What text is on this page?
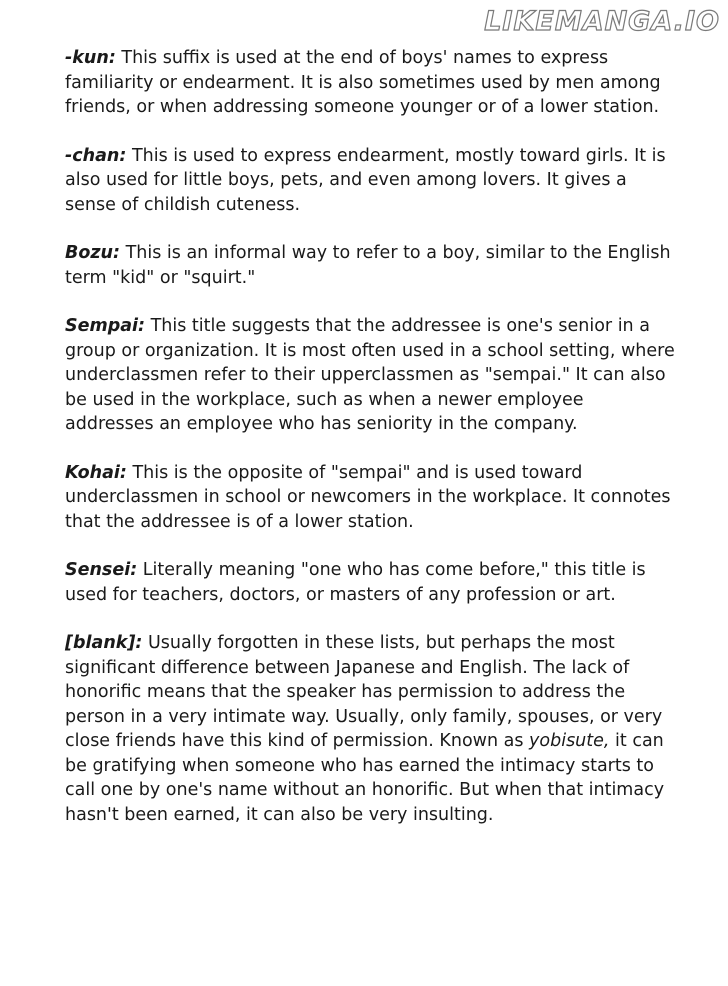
LIKEMANGA.IO

-kun: This suffix is used at the end of boys' names to express familiarity or endearment. It is also sometimes used by men among friends, or when addressing someone younger or of a lower station.

-chan: This is used to express endearment, mostly toward girls. It is also used for little boys, pets, and even among lovers. It gives a sense of childish cuteness.

Bozu: This is an informal way to refer to a boy, similar to the English term "kid" or "squirt."

Sempai: This title suggests that the addressee is one's senior in a group or organization. It is most often used in a school setting, where underclassmen refer to their upperclassmen as "sempai." It can also be used in the workplace, such as when a newer employee addresses an employee who has seniority in the company.

Kohai: This is the opposite of "sempai" and is used toward underclassmen in school or newcomers in the workplace. It connotes that the addressee is of a lower station.

Sensei: Literally meaning "one who has come before," this title is used for teachers, doctors, or masters of any profession or art.

[blank]: Usually forgotten in these lists, but perhaps the most significant difference between Japanese and English. The lack of honorific means that the speaker has permission to address the person in a very intimate way. Usually, only family, spouses, or very close friends have this kind of permission. Known as yobisute, it can be gratifying when someone who has earned the intimacy starts to call one by one's name without an honorific. But when that intimacy hasn't been earned, it can also be very insulting.
